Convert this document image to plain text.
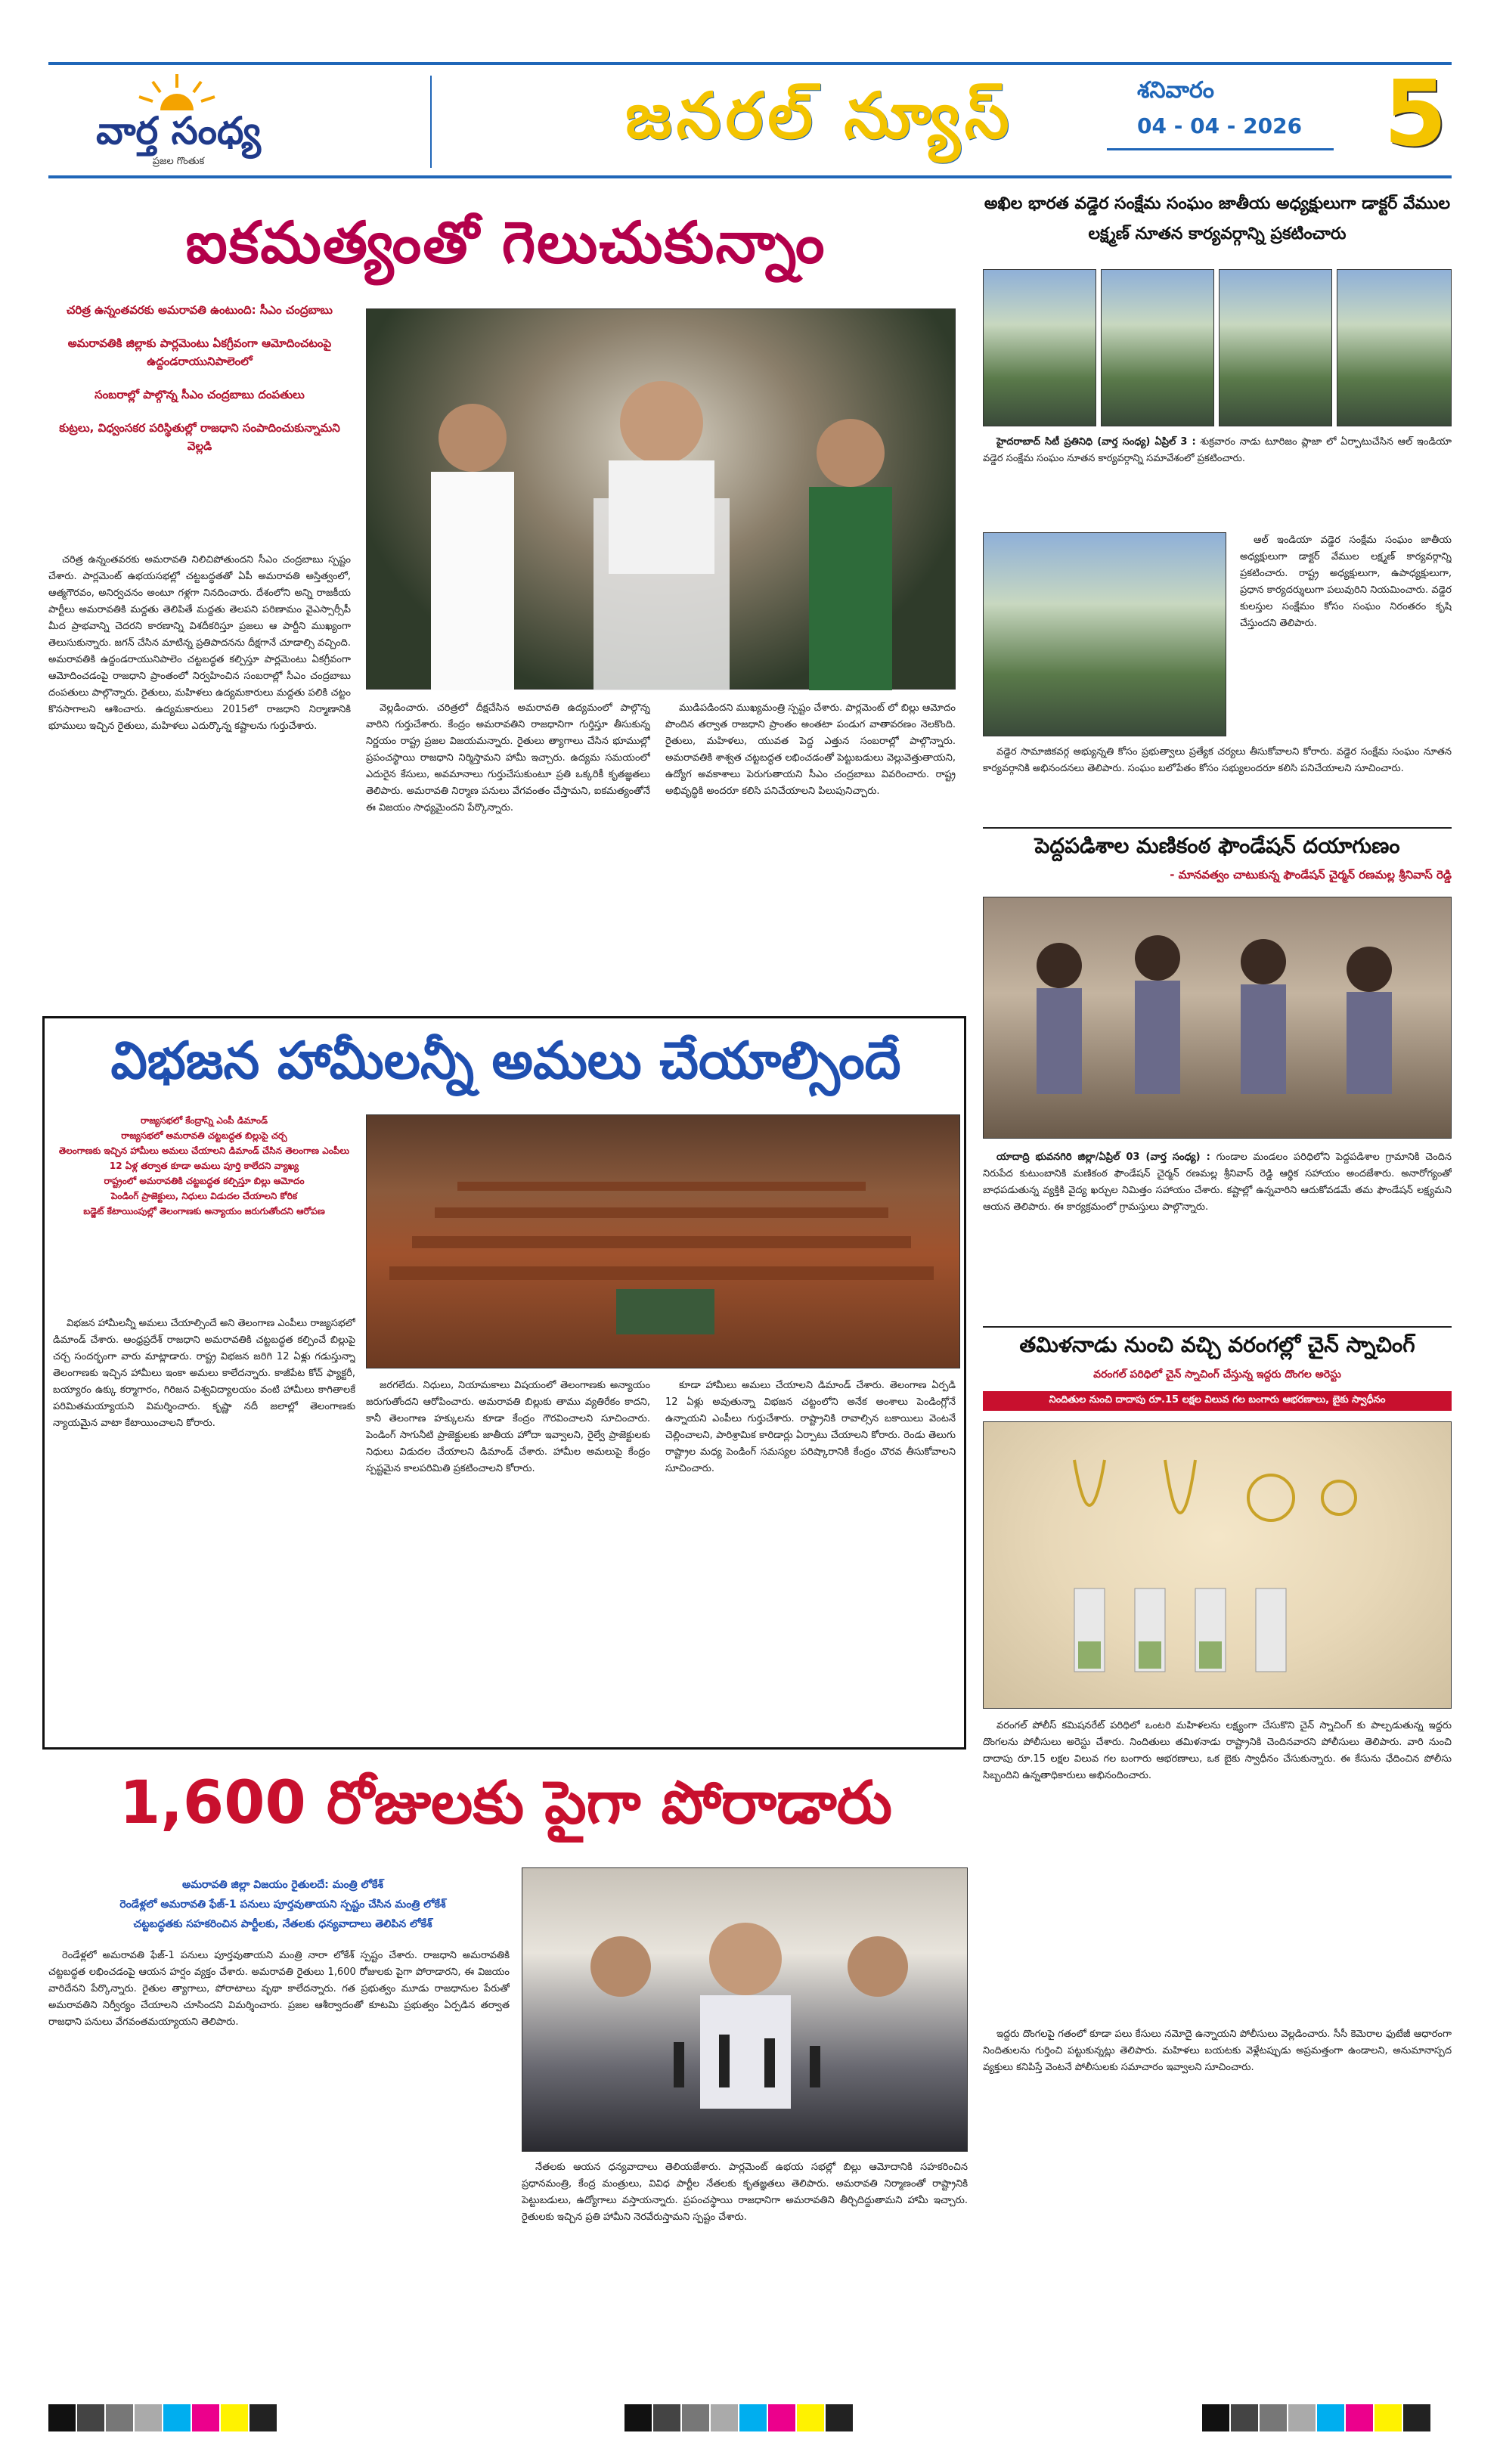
వార్త సంధ్య
ప్రజల గొంతుక
జనరల్ న్యూస్	శనివారం
04 - 04 - 2026 5
ఐకమత్యంతో గెలుచుకున్నాం
చరిత్ర ఉన్నంతవరకు అమరావతి ఉంటుంది: సీఎం చంద్రబాబు
అమరావతికి జిల్లాకు పార్లమెంటు ఏకగ్రీవంగా ఆమోదించటంపై ఉద్దండరాయునిపాలెంలో
సంబరాల్లో పాల్గొన్న సీఎం చంద్రబాబు దంపతులు
కుట్రలు, విధ్వంసకర పరిస్థితుల్లో రాజధాని సంపాదించుకున్నామని వెల్లడి

చరిత్ర ఉన్నంతవరకు అమరావతి నిలిచిపోతుందని సీఎం చంద్రబాబు స్పష్టం చేశారు. పార్లమెంట్ ఉభయసభల్లో చట్టబద్ధతతో ఏపీ అమరావతి అస్తిత్వంలో, ఆత్మగౌరవం, అనిర్వచనం అంటూ గళ్లగా నినదించారు. దేశంలోని అన్ని రాజకీయ పార్టీలు అమరావతికి మద్దతు తెలిపితే మద్దతు తెలపని పరిణామం వైఎస్సార్సీపీ మీద ప్రాభవాన్ని చెదరని కారణాన్ని విశదీకరిస్తూ ప్రజలు ఆ పార్టీని ముఖ్యంగా తెలుసుకున్నారు. జగన్ చేసిన మాటిన్న ప్రతిపాదనను దీక్షగానే చూడాల్సి వచ్చింది. అమరావతికి ఉద్దండరాయునిపాలెం చట్టబద్ధత కల్పిస్తూ పార్లమెంటు ఏకగ్రీవంగా ఆమోదించడంపై రాజధాని ప్రాంతంలో నిర్వహించిన సంబరాల్లో సీఎం చంద్రబాబు దంపతులు పాల్గొన్నారు. రైతులు, మహిళలు ఉద్యమకారులు మద్దతు పలికి చట్టం కొనసాగాలని ఆశించారు. ఉద్యమకారులు 2015లో రాజధాని నిర్మాణానికి భూములు ఇచ్చిన రైతులు, మహిళలు ఎదుర్కొన్న కష్టాలను గుర్తుచేశారు.

వెల్లడించారు. చరిత్రలో దీక్షచేసిన అమరావతి ఉద్యమంలో పాల్గొన్న వారిని గుర్తుచేశారు. కేంద్రం అమరావతిని రాజధానిగా గుర్తిస్తూ తీసుకున్న నిర్ణయం రాష్ట్ర ప్రజల విజయమన్నారు. రైతులు త్యాగాలు చేసిన భూముల్లో ప్రపంచస్థాయి రాజధాని నిర్మిస్తామని హామీ ఇచ్చారు. ఉద్యమ సమయంలో ఎదురైన కేసులు, అవమానాలు గుర్తుచేసుకుంటూ ప్రతి ఒక్కరికీ కృతజ్ఞతలు తెలిపారు. అమరావతి నిర్మాణ పనులు వేగవంతం చేస్తామని, ఐకమత్యంతోనే ఈ విజయం సాధ్యమైందని పేర్కొన్నారు.

ముడిపడిందని ముఖ్యమంత్రి స్పష్టం చేశారు. పార్లమెంట్ లో బిల్లు ఆమోదం పొందిన తర్వాత రాజధాని ప్రాంతం అంతటా పండుగ వాతావరణం నెలకొంది. రైతులు, మహిళలు, యువత పెద్ద ఎత్తున సంబరాల్లో పాల్గొన్నారు. అమరావతికి శాశ్వత చట్టబద్ధత లభించడంతో పెట్టుబడులు వెల్లువెత్తుతాయని, ఉద్యోగ అవకాశాలు పెరుగుతాయని సీఎం చంద్రబాబు వివరించారు. రాష్ట్ర అభివృద్ధికి అందరూ కలిసి పనిచేయాలని పిలుపునిచ్చారు.

విభజన హామీలన్నీ అమలు చేయాల్సిందే
రాజ్యసభలో కేంద్రాన్ని ఎంపీ డిమాండ్
రాజ్యసభలో అమరావతి చట్టబద్ధత బిల్లుపై చర్చ
తెలంగాణకు ఇచ్చిన హామీలు అమలు చేయాలని డిమాండ్ చేసిన తెలంగాణ ఎంపీలు
12 ఏళ్ల తర్వాత కూడా అమలు పూర్తి కాలేదని వ్యాఖ్య
రాష్ట్రంలో అమరావతికి చట్టబద్ధత కల్పిస్తూ బిల్లు ఆమోదం
పెండింగ్ ప్రాజెక్టులు, నిధులు విడుదల చేయాలని కోరిక
బడ్జెట్ కేటాయింపుల్లో తెలంగాణకు అన్యాయం జరుగుతోందని ఆరోపణ

విభజన హామీలన్నీ అమలు చేయాల్సిందే అని తెలంగాణ ఎంపీలు రాజ్యసభలో డిమాండ్ చేశారు. ఆంధ్రప్రదేశ్ రాజధాని అమరావతికి చట్టబద్ధత కల్పించే బిల్లుపై చర్చ సందర్భంగా వారు మాట్లాడారు. రాష్ట్ర విభజన జరిగి 12 ఏళ్లు గడుస్తున్నా తెలంగాణకు ఇచ్చిన హామీలు ఇంకా అమలు కాలేదన్నారు. కాజీపేట కోచ్ ఫ్యాక్టరీ, బయ్యారం ఉక్కు కర్మాగారం, గిరిజన విశ్వవిద్యాలయం వంటి హామీలు కాగితాలకే పరిమితమయ్యాయని విమర్శించారు. కృష్ణా నదీ జలాల్లో తెలంగాణకు న్యాయమైన వాటా కేటాయించాలని కోరారు.

జరగలేదు. నిధులు, నియామకాలు విషయంలో తెలంగాణకు అన్యాయం జరుగుతోందని ఆరోపించారు. అమరావతి బిల్లుకు తాము వ్యతిరేకం కాదని, కానీ తెలంగాణ హక్కులను కూడా కేంద్రం గౌరవించాలని సూచించారు. పెండింగ్ సాగునీటి ప్రాజెక్టులకు జాతీయ హోదా ఇవ్వాలని, రైల్వే ప్రాజెక్టులకు నిధులు విడుదల చేయాలని డిమాండ్ చేశారు. హామీల అమలుపై కేంద్రం స్పష్టమైన కాలపరిమితి ప్రకటించాలని కోరారు.

కూడా హామీలు అమలు చేయాలని డిమాండ్ చేశారు. తెలంగాణ ఏర్పడి 12 ఏళ్లు అవుతున్నా విభజన చట్టంలోని అనేక అంశాలు పెండింగ్లోనే ఉన్నాయని ఎంపీలు గుర్తుచేశారు. రాష్ట్రానికి రావాల్సిన బకాయిలు వెంటనే చెల్లించాలని, పారిశ్రామిక కారిడార్లు ఏర్పాటు చేయాలని కోరారు. రెండు తెలుగు రాష్ట్రాల మధ్య పెండింగ్ సమస్యల పరిష్కారానికి కేంద్రం చొరవ తీసుకోవాలని సూచించారు.

1,600 రోజులకు పైగా పోరాడారు
అమరావతి జిల్లా విజయం రైతులదే: మంత్రి లోకేశ్
రెండేళ్లలో అమరావతి ఫేజ్-1 పనులు పూర్తవుతాయని స్పష్టం చేసిన మంత్రి లోకేశ్
చట్టబద్ధతకు సహకరించిన పార్టీలకు, నేతలకు ధన్యవాదాలు తెలిపిన లోకేశ్

రెండేళ్లలో అమరావతి ఫేజ్-1 పనులు పూర్తవుతాయని మంత్రి నారా లోకేశ్ స్పష్టం చేశారు. రాజధాని అమరావతికి చట్టబద్ధత లభించడంపై ఆయన హర్షం వ్యక్తం చేశారు. అమరావతి రైతులు 1,600 రోజులకు పైగా పోరాడారని, ఈ విజయం వారిదేనని పేర్కొన్నారు. రైతుల త్యాగాలు, పోరాటాలు వృథా కాలేదన్నారు. గత ప్రభుత్వం మూడు రాజధానుల పేరుతో అమరావతిని నిర్వీర్యం చేయాలని చూసిందని విమర్శించారు. ప్రజల ఆశీర్వాదంతో కూటమి ప్రభుత్వం ఏర్పడిన తర్వాత రాజధాని పనులు వేగవంతమయ్యాయని తెలిపారు.

నేతలకు ఆయన ధన్యవాదాలు తెలియజేశారు. పార్లమెంట్ ఉభయ సభల్లో బిల్లు ఆమోదానికి సహకరించిన ప్రధానమంత్రి, కేంద్ర మంత్రులు, వివిధ పార్టీల నేతలకు కృతజ్ఞతలు తెలిపారు. అమరావతి నిర్మాణంతో రాష్ట్రానికి పెట్టుబడులు, ఉద్యోగాలు వస్తాయన్నారు. ప్రపంచస్థాయి రాజధానిగా అమరావతిని తీర్చిదిద్దుతామని హామీ ఇచ్చారు. రైతులకు ఇచ్చిన ప్రతి హామీని నెరవేరుస్తామని స్పష్టం చేశారు.

అఖిల భారత వడ్డెర సంక్షేమ సంఘం జాతీయ అధ్యక్షులుగా డాక్టర్ వేముల లక్ష్మణ్ నూతన కార్యవర్గాన్ని ప్రకటించారు

హైదరాబాద్ సిటీ ప్రతినిధి (వార్త సంధ్య) ఏప్రిల్ 3 : శుక్రవారం నాడు టూరిజం ప్లాజా లో ఏర్పాటుచేసిన ఆల్ ఇండియా వడ్డెర సంక్షేమ సంఘం నూతన కార్యవర్గాన్ని సమావేశంలో ప్రకటించారు.

ఆల్ ఇండియా వడ్డెర సంక్షేమ సంఘం జాతీయ అధ్యక్షులుగా డాక్టర్ వేముల లక్ష్మణ్ కార్యవర్గాన్ని ప్రకటించారు. రాష్ట్ర అధ్యక్షులుగా, ఉపాధ్యక్షులుగా, ప్రధాన కార్యదర్శులుగా పలువురిని నియమించారు. వడ్డెర కులస్తుల సంక్షేమం కోసం సంఘం నిరంతరం కృషి చేస్తుందని తెలిపారు.

వడ్డెర సామాజికవర్గ అభ్యున్నతి కోసం ప్రభుత్వాలు ప్రత్యేక చర్యలు తీసుకోవాలని కోరారు. వడ్డెర సంక్షేమ సంఘం నూతన కార్యవర్గానికి అభినందనలు తెలిపారు. సంఘం బలోపేతం కోసం సభ్యులందరూ కలిసి పనిచేయాలని సూచించారు.

పెద్దపడిశాల మణికంఠ ఫౌండేషన్ దయాగుణం
- మానవత్వం చాటుకున్న ఫౌండేషన్ చైర్మన్ రణమల్ల శ్రీనివాస్ రెడ్డి

యాదాద్రి భువనగిరి జిల్లా/ఏప్రిల్ 03 (వార్త సంధ్య) : గుండాల మండలం పరిధిలోని పెద్దపడిశాల గ్రామానికి చెందిన నిరుపేద కుటుంబానికి మణికంఠ ఫౌండేషన్ చైర్మన్ రణమల్ల శ్రీనివాస్ రెడ్డి ఆర్థిక సహాయం అందజేశారు. అనారోగ్యంతో బాధపడుతున్న వ్యక్తికి వైద్య ఖర్చుల నిమిత్తం సహాయం చేశారు. కష్టాల్లో ఉన్నవారిని ఆదుకోవడమే తమ ఫౌండేషన్ లక్ష్యమని ఆయన తెలిపారు. ఈ కార్యక్రమంలో గ్రామస్తులు పాల్గొన్నారు.

తమిళనాడు నుంచి వచ్చి వరంగల్లో చైన్ స్నాచింగ్
వరంగల్ పరిధిలో చైన్ స్నాచింగ్ చేస్తున్న ఇద్దరు దొంగల అరెస్టు
నిందితుల నుంచి దాదాపు రూ.15 లక్షల విలువ గల బంగారు ఆభరణాలు, బైకు స్వాధీనం

వరంగల్ పోలీస్ కమిషనరేట్ పరిధిలో ఒంటరి మహిళలను లక్ష్యంగా చేసుకొని చైన్ స్నాచింగ్ కు పాల్పడుతున్న ఇద్దరు దొంగలను పోలీసులు అరెస్టు చేశారు. నిందితులు తమిళనాడు రాష్ట్రానికి చెందినవారని పోలీసులు తెలిపారు. వారి నుంచి దాదాపు రూ.15 లక్షల విలువ గల బంగారు ఆభరణాలు, ఒక బైకు స్వాధీనం చేసుకున్నారు. ఈ కేసును ఛేదించిన పోలీసు సిబ్బందిని ఉన్నతాధికారులు అభినందించారు.

ఇద్దరు దొంగలపై గతంలో కూడా పలు కేసులు నమోదై ఉన్నాయని పోలీసులు వెల్లడించారు. సీసీ కెమెరాల ఫుటేజీ ఆధారంగా నిందితులను గుర్తించి పట్టుకున్నట్లు తెలిపారు. మహిళలు బయటకు వెళ్లేటప్పుడు అప్రమత్తంగా ఉండాలని, అనుమానాస్పద వ్యక్తులు కనిపిస్తే వెంటనే పోలీసులకు సమాచారం ఇవ్వాలని సూచించారు.
